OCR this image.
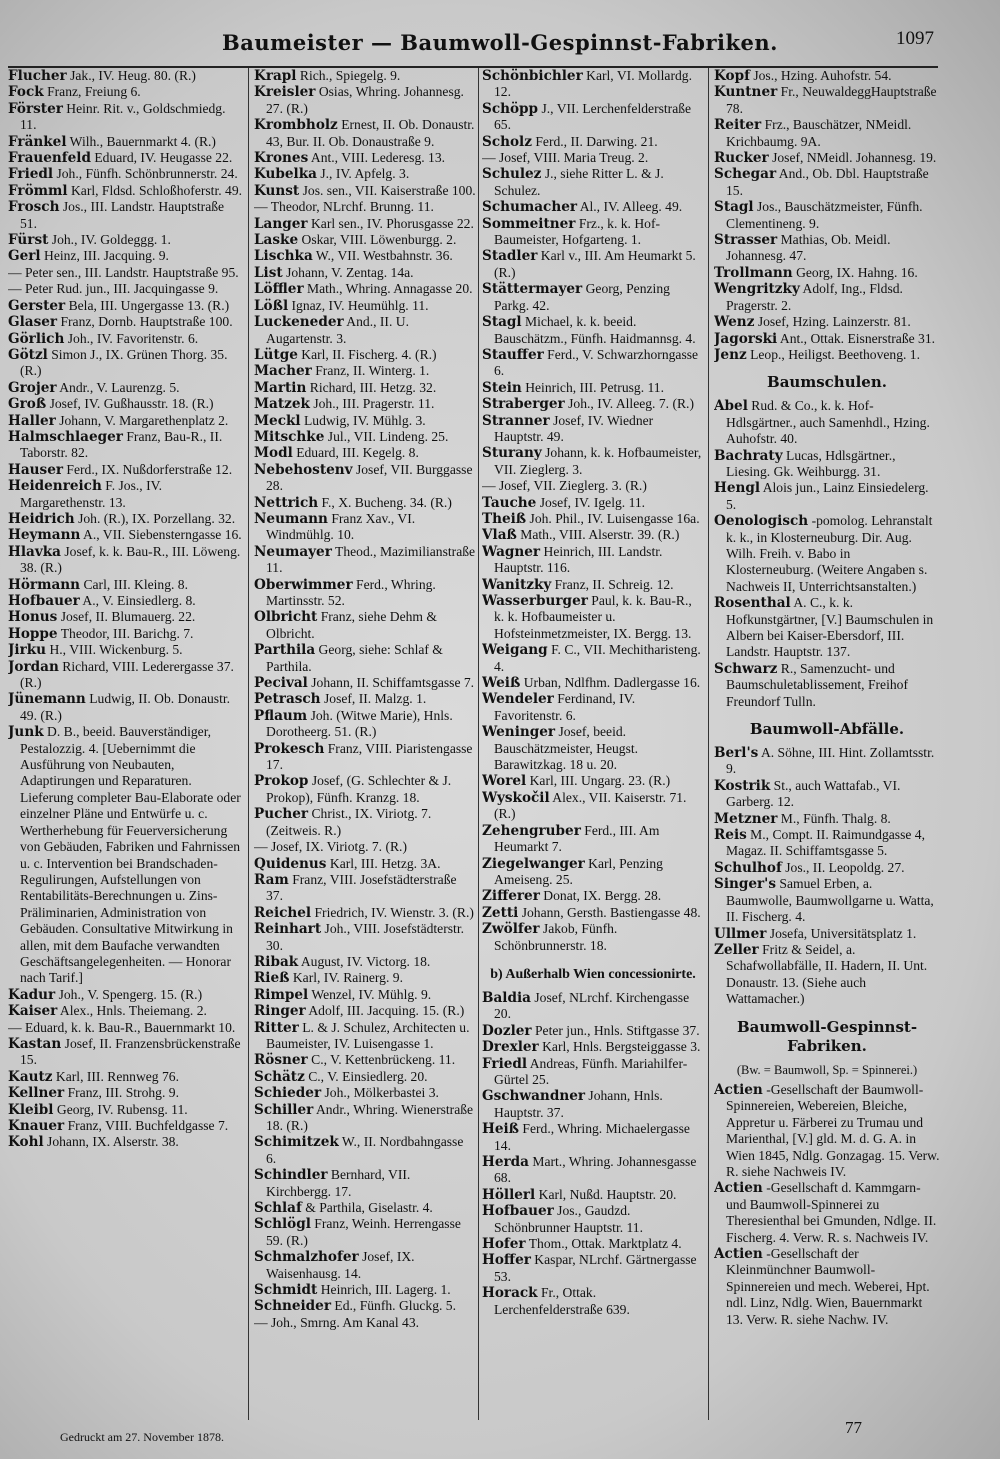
Baumeister — Baumwoll-Gespinnst-Fabriken.	1097

Flucher Jak., IV. Heug. 80. (R.)

Fock Franz, Freiung 6.

Förster Heinr. Rit. v., Goldschmiedg. 11.

Fränkel Wilh., Bauernmarkt 4. (R.)

Frauenfeld Eduard, IV. Heugasse 22.

Friedl Joh., Fünfh. Schönbrunnerstr. 24.

Frömml Karl, Fldsd. Schloßhoferstr. 49.

Frosch Jos., III. Landstr. Hauptstraße 51.

Fürst Joh., IV. Goldeggg. 1.

Gerl Heinz, III. Jacquing. 9.

— Peter sen., III. Landstr. Hauptstraße 95.

— Peter Rud. jun., III. Jacquingasse 9.

Gerster Bela, III. Ungergasse 13. (R.)

Glaser Franz, Dornb. Hauptstraße 100.

Görlich Joh., IV. Favoritenstr. 6.

Götzl Simon J., IX. Grünen Thorg. 35. (R.)

Grojer Andr., V. Laurenzg. 5.

Groß Josef, IV. Gußhausstr. 18. (R.)

Haller Johann, V. Margarethenplatz 2.

Halmschlaeger Franz, Bau-R., II. Taborstr. 82.

Hauser Ferd., IX. Nußdorferstraße 12.

Heidenreich F. Jos., IV. Margarethenstr. 13.

Heidrich Joh. (R.), IX. Porzellang. 32.

Heymann A., VII. Siebensterngasse 16.

Hlavka Josef, k. k. Bau-R., III. Löweng. 38. (R.)

Hörmann Carl, III. Kleing. 8.

Hofbauer A., V. Einsiedlerg. 8.

Honus Josef, II. Blumauerg. 22.

Hoppe Theodor, III. Barichg. 7.

Jirku H., VIII. Wickenburg. 5.

Jordan Richard, VIII. Lederergasse 37. (R.)

Jünemann Ludwig, II. Ob. Donaustr. 49. (R.)

Junk D. B., beeid. Bauverständiger, Pestalozzig. 4. [Uebernimmt die Ausführung von Neubauten, Adaptirungen und Reparaturen. Lieferung completer Bau-Elaborate oder einzelner Pläne und Entwürfe u. c. Wertherhebung für Feuerversicherung von Gebäuden, Fabriken und Fahrnissen u. c. Intervention bei Brandschaden-Regulirungen, Aufstellungen von Rentabilitäts-Berechnungen u. Zins-Präliminarien, Administration von Gebäuden. Consultative Mitwirkung in allen, mit dem Baufache verwandten Geschäftsangelegenheiten. — Honorar nach Tarif.]

Kadur Joh., V. Spengerg. 15. (R.)

Kaiser Alex., Hnls. Theiemang. 2.

— Eduard, k. k. Bau-R., Bauernmarkt 10.

Kastan Josef, II. Franzensbrückenstraße 15.

Kautz Karl, III. Rennweg 76.

Kellner Franz, III. Strohg. 9.

Kleibl Georg, IV. Rubensg. 11.

Knauer Franz, VIII. Buchfeldgasse 7.

Kohl Johann, IX. Alserstr. 38.

Krapl Rich., Spiegelg. 9.

Kreisler Osias, Whring. Johannesg. 27. (R.)

Krombholz Ernest, II. Ob. Donaustr. 43, Bur. II. Ob. Donaustraße 9.

Krones Ant., VIII. Lederesg. 13.

Kubelka J., IV. Apfelg. 3.

Kunst Jos. sen., VII. Kaiserstraße 100.

— Theodor, NLrchf. Brunng. 11.

Langer Karl sen., IV. Phorusgasse 22.

Laske Oskar, VIII. Löwenburgg. 2.

Lischka W., VII. Westbahnstr. 36.

List Johann, V. Zentag. 14a.

Löffler Math., Whring. Annagasse 20.

Lößl Ignaz, IV. Heumühlg. 11.

Luckeneder And., II. U. Augartenstr. 3.

Lütge Karl, II. Fischerg. 4. (R.)

Macher Franz, II. Winterg. 1.

Martin Richard, III. Hetzg. 32.

Matzek Joh., III. Pragerstr. 11.

Meckl Ludwig, IV. Mühlg. 3.

Mitschke Jul., VII. Lindeng. 25.

Modl Eduard, III. Kegelg. 8.

Nebehostenv Josef, VII. Burggasse 28.

Nettrich F., X. Bucheng. 34. (R.)

Neumann Franz Xav., VI. Windmühlg. 10.

Neumayer Theod., Mazimilianstraße 11.

Oberwimmer Ferd., Whring. Martinsstr. 52.

Olbricht Franz, siehe Dehm & Olbricht.

Parthila Georg, siehe: Schlaf & Parthila.

Pecival Johann, II. Schiffamtsgasse 7.

Petrasch Josef, II. Malzg. 1.

Pflaum Joh. (Witwe Marie), Hnls. Dorotheerg. 51. (R.)

Prokesch Franz, VIII. Piaristengasse 17.

Prokop Josef, (G. Schlechter & J. Prokop), Fünfh. Kranzg. 18.

Pucher Christ., IX. Viriotg. 7. (Zeitweis. R.)

— Josef, IX. Viriotg. 7. (R.)

Quidenus Karl, III. Hetzg. 3A.

Ram Franz, VIII. Josefstädterstraße 37.

Reichel Friedrich, IV. Wienstr. 3. (R.)

Reinhart Joh., VIII. Josefstädterstr. 30.

Ribak August, IV. Victorg. 18.

Rieß Karl, IV. Rainerg. 9.

Rimpel Wenzel, IV. Mühlg. 9.

Ringer Adolf, III. Jacquing. 15. (R.)

Ritter L. & J. Schulez, Architecten u. Baumeister, IV. Luisengasse 1.

Rösner C., V. Kettenbrückeng. 11.

Schätz C., V. Einsiedlerg. 20.

Schieder Joh., Mölkerbastei 3.

Schiller Andr., Whring. Wienerstraße 18. (R.)

Schimitzek W., II. Nordbahngasse 6.

Schindler Bernhard, VII. Kirchbergg. 17.

Schlaf & Parthila, Giselastr. 4.

Schlögl Franz, Weinh. Herrengasse 59. (R.)

Schmalzhofer Josef, IX. Waisenhausg. 14.

Schmidt Heinrich, III. Lagerg. 1.

Schneider Ed., Fünfh. Gluckg. 5.

— Joh., Smrng. Am Kanal 43.

Schönbichler Karl, VI. Mollardg. 12.

Schöpp J., VII. Lerchenfelderstraße 65.

Scholz Ferd., II. Darwing. 21.

— Josef, VIII. Maria Treug. 2.

Schulez J., siehe Ritter L. & J. Schulez.

Schumacher Al., IV. Alleeg. 49.

Sommeitner Frz., k. k. Hof-Baumeister, Hofgarteng. 1.

Stadler Karl v., III. Am Heumarkt 5. (R.)

Stättermayer Georg, Penzing Parkg. 42.

Stagl Michael, k. k. beeid. Bauschätzm., Fünfh. Haidmannsg. 4.

Stauffer Ferd., V. Schwarzhorngasse 6.

Stein Heinrich, III. Petrusg. 11.

Straberger Joh., IV. Alleeg. 7. (R.)

Stranner Josef, IV. Wiedner Hauptstr. 49.

Sturany Johann, k. k. Hofbaumeister, VII. Zieglerg. 3.

— Josef, VII. Zieglerg. 3. (R.)

Tauche Josef, IV. Igelg. 11.

Theiß Joh. Phil., IV. Luisengasse 16a.

Vlaß Math., VIII. Alserstr. 39. (R.)

Wagner Heinrich, III. Landstr. Hauptstr. 116.

Wanitzky Franz, II. Schreig. 12.

Wasserburger Paul, k. k. Bau-R., k. k. Hofbaumeister u. Hofsteinmetzmeister, IX. Bergg. 13.

Weigang F. C., VII. Mechitharisteng. 4.

Weiß Urban, Ndlfhm. Dadlergasse 16.

Wendeler Ferdinand, IV. Favoritenstr. 6.

Weninger Josef, beeid. Bauschätzmeister, Heugst. Barawitzkag. 18 u. 20.

Worel Karl, III. Ungarg. 23. (R.)

Wyskočil Alex., VII. Kaiserstr. 71. (R.)

Zehengruber Ferd., III. Am Heumarkt 7.

Ziegelwanger Karl, Penzing Ameiseng. 25.

Zifferer Donat, IX. Bergg. 28.

Zetti Johann, Gersth. Bastiengasse 48.

Zwölfer Jakob, Fünfh. Schönbrunnerstr. 18.

b) Außerhalb Wien concessionirte.

Baldia Josef, NLrchf. Kirchengasse 20.

Dozler Peter jun., Hnls. Stiftgasse 37.

Drexler Karl, Hnls. Bergsteiggasse 3.

Friedl Andreas, Fünfh. Mariahilfer-Gürtel 25.

Gschwandner Johann, Hnls. Hauptstr. 37.

Heiß Ferd., Whring. Michaelergasse 14.

Herda Mart., Whring. Johannesgasse 68.

Höllerl Karl, Nußd. Hauptstr. 20.

Hofbauer Jos., Gaudzd. Schönbrunner Hauptstr. 11.

Hofer Thom., Ottak. Marktplatz 4.

Hoffer Kaspar, NLrchf. Gärtnergasse 53.

Horack Fr., Ottak. Lerchenfelderstraße 639.

Kopf Jos., Hzing. Auhofstr. 54.

Kuntner Fr., NeuwaldeggHauptstraße 78.

Reiter Frz., Bauschätzer, NMeidl. Krichbaumg. 9A.

Rucker Josef, NMeidl. Johannesg. 19.

Schegar And., Ob. Dbl. Hauptstraße 15.

Stagl Jos., Bauschätzmeister, Fünfh. Clementineng. 9.

Strasser Mathias, Ob. Meidl. Johannesg. 47.

Trollmann Georg, IX. Hahng. 16.

Wengritzky Adolf, Ing., Fldsd. Pragerstr. 2.

Wenz Josef, Hzing. Lainzerstr. 81.

Jagorski Ant., Ottak. Eisnerstraße 31.

Jenz Leop., Heiligst. Beethoveng. 1.

Baumschulen.

Abel Rud. & Co., k. k. Hof-Hdlsgärtner., auch Samenhdl., Hzing. Auhofstr. 40.

Bachraty Lucas, Hdlsgärtner., Liesing. Gk. Weihburgg. 31.

Hengl Alois jun., Lainz Einsiedelerg. 5.

Oenologisch -pomolog. Lehranstalt k. k., in Klosterneuburg. Dir. Aug. Wilh. Freih. v. Babo in Klosterneuburg. (Weitere Angaben s. Nachweis II, Unterrichtsanstalten.)

Rosenthal A. C., k. k. Hofkunstgärtner, [V.] Baumschulen in Albern bei Kaiser-Ebersdorf, III. Landstr. Hauptstr. 137.

Schwarz R., Samenzucht- und Baumschuletablissement, Freihof Freundorf Tulln.

Baumwoll-Abfälle.

Berl's A. Söhne, III. Hint. Zollamtsstr. 9.

Kostrik St., auch Wattafab., VI. Garberg. 12.

Metzner M., Fünfh. Thalg. 8.

Reis M., Compt. II. Raimundgasse 4, Magaz. II. Schiffamtsgasse 5.

Schulhof Jos., II. Leopoldg. 27.

Singer's Samuel Erben, a. Baumwolle, Baumwollgarne u. Watta, II. Fischerg. 4.

Ullmer Josefa, Universitätsplatz 1.

Zeller Fritz & Seidel, a. Schafwollabfälle, II. Hadern, II. Unt. Donaustr. 13. (Siehe auch Wattamacher.)

Baumwoll-Gespinnst-Fabriken.
(Bw. = Baumwoll, Sp. = Spinnerei.)

Actien -Gesellschaft der Baumwoll-Spinnereien, Webereien, Bleiche, Appretur u. Färberei zu Trumau und Marienthal, [V.] gld. M. d. G. A. in Wien 1845, Ndlg. Gonzagag. 15. Verw. R. siehe Nachweis IV.

Actien -Gesellschaft d. Kammgarn- und Baumwoll-Spinnerei zu Theresienthal bei Gmunden, Ndlge. II. Fischerg. 4. Verw. R. s. Nachweis IV.

Actien -Gesellschaft der Kleinmünchner Baumwoll-Spinnereien und mech. Weberei, Hpt. ndl. Linz, Ndlg. Wien, Bauernmarkt 13. Verw. R. siehe Nachw. IV.

Gedruckt am 27. November 1878.	77
